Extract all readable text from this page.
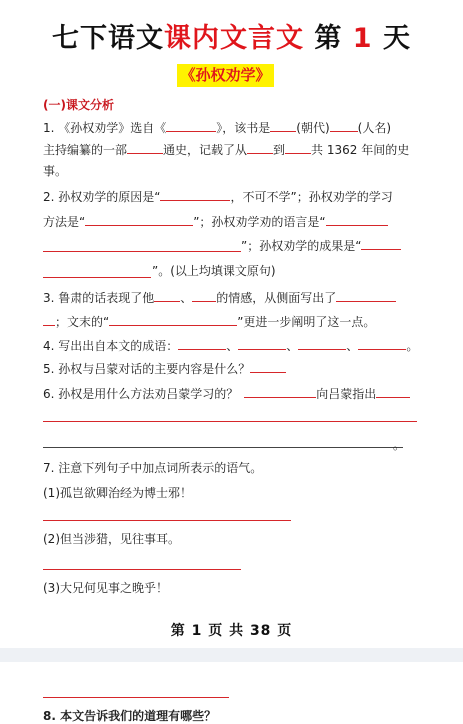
七下语文课内文言文 第 1 天
《孙权劝学》
(一)课文分析
1. 《孙权劝学》选自《	》，该书是 (朝代) (人名)
主持编纂的一部	通史，记载了从 到 共 1362 年间的史
事。
2. 孙权劝学的原因是“	，不可不学”；孙权劝学的学习
方法是“	”；孙权劝学劝的语言是“
”；孙权劝学的成果是“
”。(以上均填课文原句)
3. 鲁肃的话表现了他 、 的情感，从侧面写出了
；文末的“	”更进一步阐明了这一点。
4. 写出出自本文的成语：	、	、	、	。
5. 孙权与吕蒙对话的主要内容是什么？
6. 孙权是用什么方法劝吕蒙学习的？	向吕蒙指出
。
7. 注意下列句子中加点词所表示的语气。
(1)孤岂欲卿治经为博士邪！
(2)但当涉猎，见往事耳。
(3)大兄何见事之晚乎！
第 1 页 共 38 页
8. 本文告诉我们的道理有哪些？
